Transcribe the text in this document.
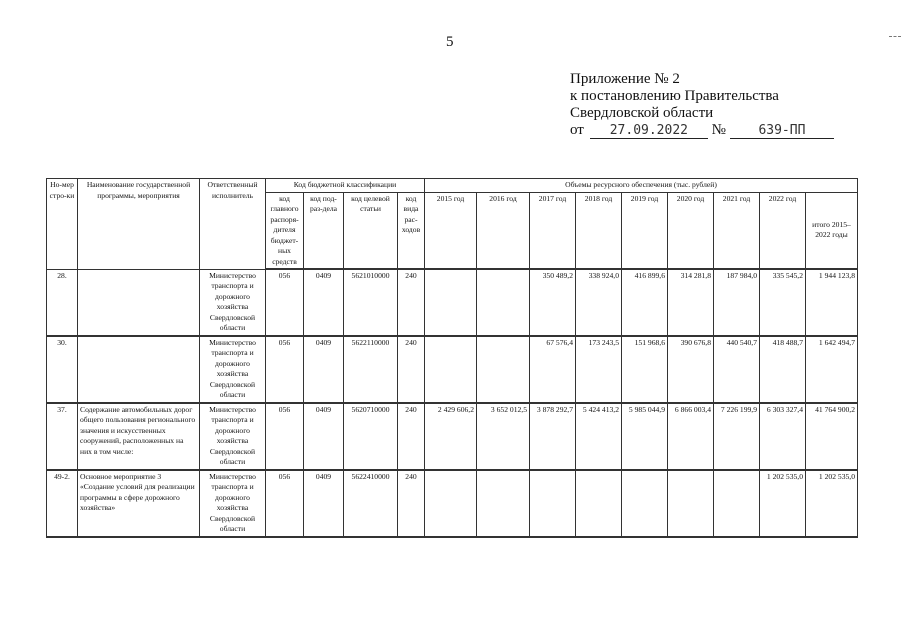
5
Приложение № 2
к постановлению Правительства
Свердловской области
от 27.09.2022 №	639-ПП
Но-мер стро-ки	Наименование государственной программы, мероприятия	Ответственный исполнитель	Код бюджетной классификации				Объемы ресурсного обеспечения (тыс. рублей)								
			код главного распоря-дителя бюджет-ных средств	код под-раз-дела	код целевой статьи	код вида рас-ходов	2015 год	2016 год	2017 год	2018 год	2019 год	2020 год	2021 год	2022 год	итого 2015–2022 годы
28.		Министерство транспорта и дорожного хозяйства Свердловской области	056	0409	5621010000	240			350 489,2	338 924,0	416 899,6	314 281,8	187 984,0	335 545,2	1 944 123,8
30.		Министерство транспорта и дорожного хозяйства Свердловской области	056	0409	5622110000	240			67 576,4	173 243,5	151 968,6	390 676,8	440 540,7	418 488,7	1 642 494,7
37.	Содержание автомобильных дорог общего пользования регионального значения и искусственных сооружений, расположенных на них в том числе:	Министерство транспорта и дорожного хозяйства Свердловской области	056	0409	5620710000	240	2 429 606,2	3 652 012,5	3 878 292,7	5 424 413,2	5 985 044,9	6 866 003,4	7 226 199,9	6 303 327,4	41 764 900,2
49-2.	Основное мероприятие 3 «Создание условий для реализации программы в сфере дорожного хозяйства»	Министерство транспорта и дорожного хозяйства Свердловской области	056	0409	5622410000	240								1 202 535,0	1 202 535,0
